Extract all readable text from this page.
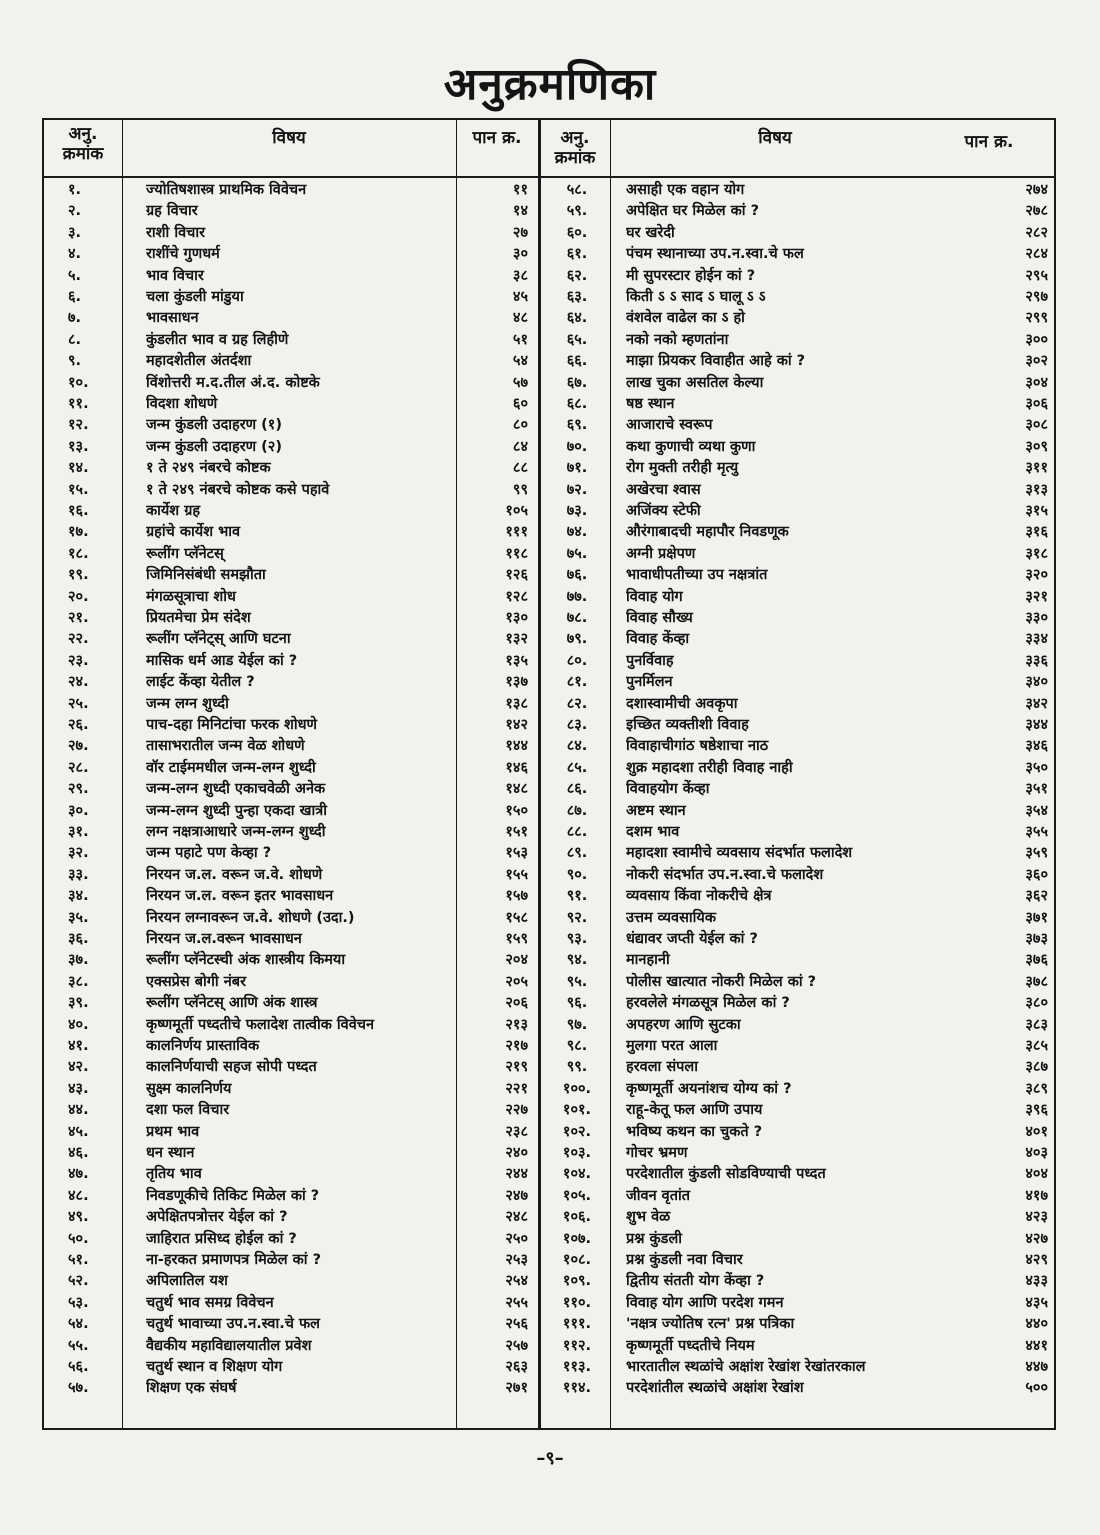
अनुक्रमणिका
अनु.
क्रमांक
विषय	पान क्र.	अनु.
क्रमांक
विषय	पान क्र.
१.	ज्योतिषशास्त्र प्राथमिक विवेचन	११	५८.	असाही एक वहान योग	२७४
२.	ग्रह विचार	१४	५९.	अपेक्षित घर मिळेल कां ?	२७८
३.	राशी विचार	२७	६०.	घर खरेदी	२८२
४.	राशींचे गुणधर्म	३०	६१.	पंचम स्थानाच्या उप.न.स्वा.चे फल	२८४
५.	भाव विचार	३८	६२.	मी सुपरस्टार होईन कां ?	२९५
६.	चला कुंडली मांडुया	४५	६३.	किती ऽ ऽ साद ऽ घालू ऽ ऽ	२९७
७.	भावसाधन	४८	६४.	वंशवेल वाढेल का ऽ हो	२९९
८.	कुंडलीत भाव व ग्रह लिहीणे	५१	६५.	नको नको म्हणतांना	३००
९.	महादशेतील अंतर्दशा	५४	६६.	माझा प्रियकर विवाहीत आहे कां ?	३०२
१०.	विंशोत्तरी म.द.तील अं.द. कोष्टके	५७	६७.	लाख चुका असतिल केल्या	३०४
११.	विदशा शोधणे	६०	६८.	षष्ठ स्थान	३०६
१२.	जन्म कुंडली उदाहरण (१)	८०	६९.	आजाराचे स्वरूप	३०८
१३.	जन्म कुंडली उदाहरण (२)	८४	७०.	कथा कुणाची व्यथा कुणा	३०९
१४.	१ ते २४९ नंबरचे कोष्टक	८८	७१.	रोग मुक्ती तरीही मृत्यु	३११
१५.	१ ते २४९ नंबरचे कोष्टक कसे पहावे	९९	७२.	अखेरचा श्वास	३१३
१६.	कार्येश ग्रह	१०५	७३.	अजिंक्य स्टेफी	३१५
१७.	ग्रहांचे कार्येश भाव	१११	७४.	औरंगाबादची महापौर निवडणूक	३१६
१८.	रूलींग प्लॅनेटस्	११८	७५.	अग्नी प्रक्षेपण	३१८
१९.	जिमिनिसंबंधी समझौता	१२६	७६.	भावाधीपतीच्या उप नक्षत्रांत	३२०
२०.	मंगळसूत्राचा शोध	१२८	७७.	विवाह योग	३२१
२१.	प्रियतमेचा प्रेम संदेश	१३०	७८.	विवाह सौख्य	३३०
२२.	रूलींग प्लॅनेट्स् आणि घटना	१३२	७९.	विवाह केंव्हा	३३४
२३.	मासिक धर्म आड येईल कां ?	१३५	८०.	पुनर्विवाह	३३६
२४.	लाईट केंव्हा येतील ?	१३७	८१.	पुनर्मिलन	३४०
२५.	जन्म लग्न शुध्दी	१३८	८२.	दशास्वामीची अवकृपा	३४२
२६.	पाच-दहा मिनिटांचा फरक शोधणे	१४२	८३.	इच्छित व्यक्तीशी विवाह	३४४
२७.	तासाभरातील जन्म वेळ शोधणे	१४४	८४.	विवाहाचीगांठ षष्ठेशाचा नाठ	३४६
२८.	वॉर टाईममधील जन्म-लग्न शुध्दी	१४६	८५.	शुक्र महादशा तरीही विवाह नाही	३५०
२९.	जन्म-लग्न शुध्दी एकाचवेळी अनेक	१४८	८६.	विवाहयोग केंव्हा	३५१
३०.	जन्म-लग्न शुध्दी पुन्हा एकदा खात्री	१५०	८७.	अष्टम स्थान	३५४
३१.	लग्न नक्षत्राआधारे जन्म-लग्न शुध्दी	१५१	८८.	दशम भाव	३५५
३२.	जन्म पहाटे पण केव्हा ?	१५३	८९.	महादशा स्वामीचे व्यवसाय संदर्भात फलादेश	३५९
३३.	निरयन ज.ल. वरून ज.वे. शोधणे	१५५	९०.	नोकरी संदर्भात उप.न.स्वा.चे फलादेश	३६०
३४.	निरयन ज.ल. वरून इतर भावसाधन	१५७	९१.	व्यवसाय किंवा नोकरीचे क्षेत्र	३६२
३५.	निरयन लग्नावरून ज.वे. शोधणे (उदा.)	१५८	९२.	उत्तम व्यवसायिक	३७१
३६.	निरयन ज.ल.वरून भावसाधन	१५९	९३.	धंद्यावर जप्ती येईल कां ?	३७३
३७.	रूलींग प्लॅनेटस्ची अंक शास्त्रीय किमया	२०४	९४.	मानहानी	३७६
३८.	एक्सप्रेस बोगी नंबर	२०५	९५.	पोलीस खात्यात नोकरी मिळेल कां ?	३७८
३९.	रूलींग प्लॅनेटस् आणि अंक शास्त्र	२०६	९६.	हरवलेले मंगळसूत्र मिळेल कां ?	३८०
४०.	कृष्णमूर्ती पध्दतीचे फलादेश तात्वीक विवेचन	२१३	९७.	अपहरण आणि सुटका	३८३
४१.	कालनिर्णय प्रास्ताविक	२१७	९८.	मुलगा परत आला	३८५
४२.	कालनिर्णयाची सहज सोपी पध्दत	२१९	९९.	हरवला संपला	३८७
४३.	सुक्ष्म कालनिर्णय	२२१	१००.	कृष्णमूर्ती अयनांशच योग्य कां ?	३८९
४४.	दशा फल विचार	२२७	१०१.	राहू-केतू फल आणि उपाय	३९६
४५.	प्रथम भाव	२३८	१०२.	भविष्य कथन का चुकते ?	४०१
४६.	धन स्थान	२४०	१०३.	गोचर भ्रमण	४०३
४७.	तृतिय भाव	२४४	१०४.	परदेशातील कुंडली सोडविण्याची पध्दत	४०४
४८.	निवडणूकीचे तिकिट मिळेल कां ?	२४७	१०५.	जीवन वृतांत	४१७
४९.	अपेक्षितपत्रोत्तर येईल कां ?	२४८	१०६.	शुभ वेळ	४२३
५०.	जाहिरात प्रसिध्द होईल कां ?	२५०	१०७.	प्रश्न कुंडली	४२७
५१.	ना-हरकत प्रमाणपत्र मिळेल कां ?	२५३	१०८.	प्रश्न कुंडली नवा विचार	४२९
५२.	अपिलातिल यश	२५४	१०९.	द्वितीय संतती योग केंव्हा ?	४३३
५३.	चतुर्थ भाव समग्र विवेचन	२५५	११०.	विवाह योग आणि परदेश गमन	४३५
५४.	चतुर्थ भावाच्या उप.न.स्वा.चे फल	२५६	१११.	'नक्षत्र ज्योतिष रत्न' प्रश्न पत्रिका	४४०
५५.	वैद्यकीय महाविद्यालयातील प्रवेश	२५७	११२.	कृष्णमूर्ती पध्दतीचे नियम	४४१
५६.	चतुर्थ स्थान व शिक्षण योग	२६३	११३.	भारतातील स्थळांचे अक्षांश रेखांश रेखांतरकाल	४४७
५७.	शिक्षण एक संघर्ष	२७१	११४.	परदेशांतील स्थळांचे अक्षांश रेखांश	५००
–९–
